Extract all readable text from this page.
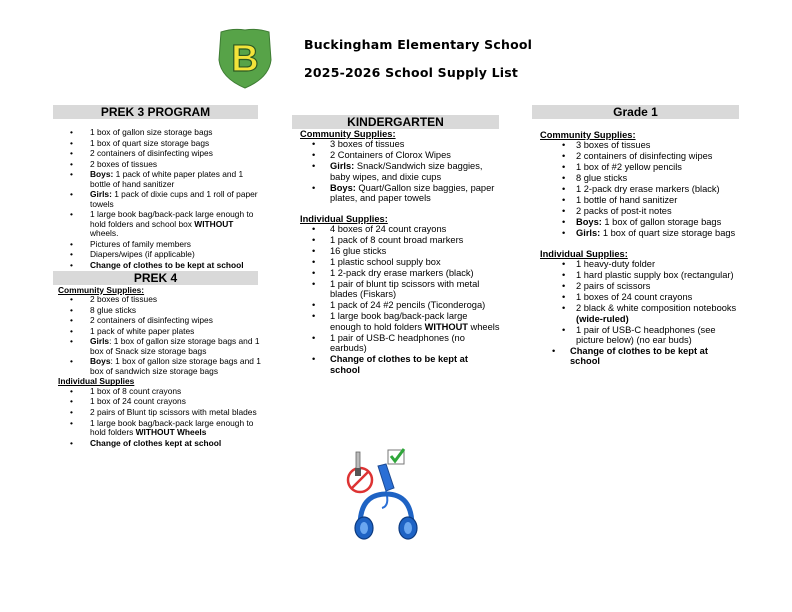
B	Buckingham Elementary School
2025-2026 School Supply List
PREK 3 PROGRAM
• 1 box of gallon size storage bags
• 1 box of quart size storage bags
• 2 containers of disinfecting wipes
• 2 boxes of tissues
• Boys: 1 pack of white paper plates and 1 bottle of hand sanitizer
• Girls: 1 pack of dixie cups and 1 roll of paper towels
• 1 large book bag/back-pack large enough to hold folders and school box WITHOUT wheels.
• Pictures of family members
• Diapers/wipes (if applicable)
• Change of clothes to be kept at school
PREK 4
Community Supplies:
• 2 boxes of tissues
• 8 glue sticks
• 2 containers of disinfecting wipes
• 1 pack of white paper plates
• Girls: 1 box of gallon size storage bags and 1 box of Snack size storage bags
• Boys: 1 box of gallon size storage bags and 1 box of sandwich size storage bags
Individual Supplies
• 1 box of 8 count crayons
• 1 box of 24 count crayons
• 2 pairs of Blunt tip scissors with metal blades
• 1 large book bag/back-pack large enough to hold folders WITHOUT Wheels
• Change of clothes kept at school
KINDERGARTEN
Community Supplies:
• 3 boxes of tissues
• 2 Containers of Clorox Wipes
• Girls: Snack/Sandwich size baggies, baby wipes, and dixie cups
• Boys: Quart/Gallon size baggies, paper plates, and paper towels
Individual Supplies:
• 4 boxes of 24 count crayons
• 1 pack of 8 count broad markers
• 16 glue sticks
• 1 plastic school supply box
• 1 2-pack dry erase markers (black)
• 1 pair of blunt tip scissors with metal blades (Fiskars)
• 1 pack of 24 #2 pencils (Ticonderoga)
• 1 large book bag/back-pack large enough to hold folders WITHOUT wheels
• 1 pair of USB-C headphones (no earbuds)
• Change of clothes to be kept at school
Grade 1
Community Supplies:
• 3 boxes of tissues
• 2 containers of disinfecting wipes
• 1 box of #2 yellow pencils
• 8 glue sticks
• 1 2-pack dry erase markers (black)
• 1 bottle of hand sanitizer
• 2 packs of post-it notes
• Boys: 1 box of gallon storage bags
• Girls: 1 box of quart size storage bags
Individual Supplies:
• 1 heavy-duty folder
• 1 hard plastic supply box (rectangular)
• 2 pairs of scissors
• 1 boxes of 24 count crayons
• 2 black & white composition notebooks (wide-ruled)
• 1 pair of USB-C headphones (see picture below) (no ear buds)
• Change of clothes to be kept at school
